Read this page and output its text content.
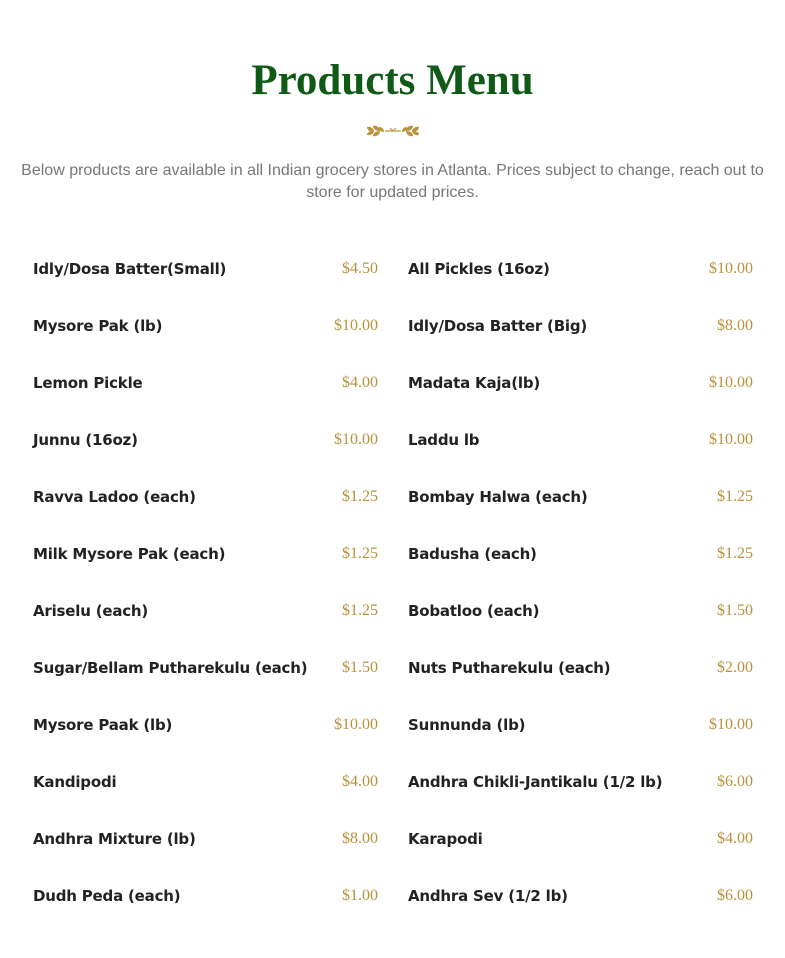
Products Menu

Below products are available in all Indian grocery stores in Atlanta. Prices subject to change, reach out to store for updated prices.

Idly/Dosa Batter(Small)	$4.50 All Pickles (16oz)	$10.00
Mysore Pak (lb)	$10.00 Idly/Dosa Batter (Big)	$8.00
Lemon Pickle	$4.00 Madata Kaja(lb)	$10.00
Junnu (16oz)	$10.00 Laddu lb	$10.00
Ravva Ladoo (each)	$1.25 Bombay Halwa (each)	$1.25
Milk Mysore Pak (each)	$1.25 Badusha (each)	$1.25
Ariselu (each)	$1.25 Bobatloo (each)	$1.50
Sugar/Bellam Putharekulu (each) $1.50 Nuts Putharekulu (each)	$2.00
Mysore Paak (lb)	$10.00 Sunnunda (lb)	$10.00
Kandipodi	$4.00 Andhra Chikli-Jantikalu (1/2 lb)	$6.00
Andhra Mixture (lb)	$8.00 Karapodi	$4.00
Dudh Peda (each)	$1.00 Andhra Sev (1/2 lb)	$6.00
